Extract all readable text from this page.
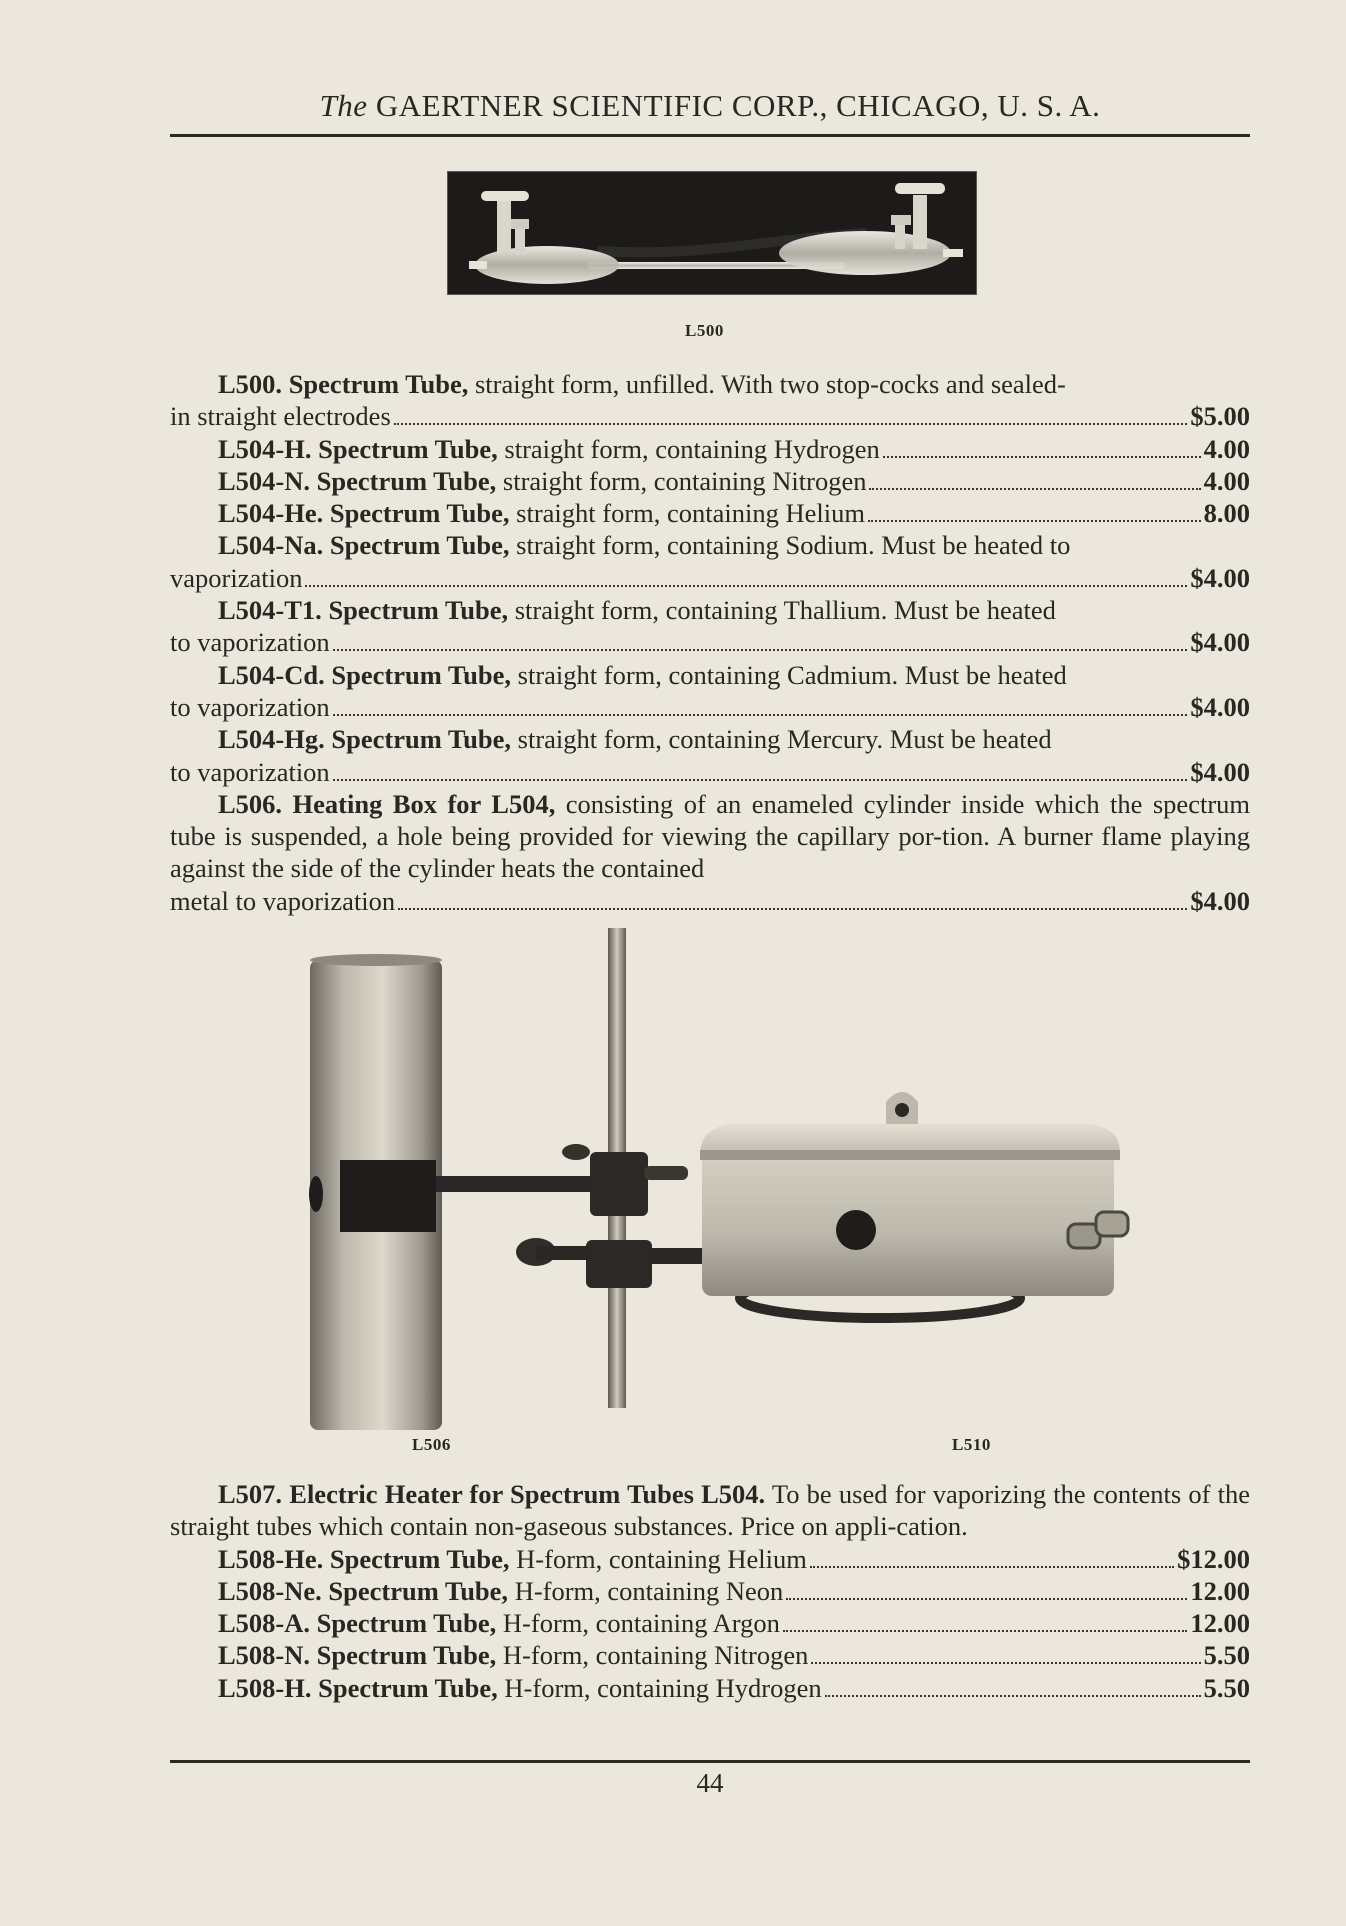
The GAERTNER SCIENTIFIC CORP., CHICAGO, U. S. A.
L500
L500. Spectrum Tube, straight form, unfilled. With two stop-cocks and sealed-
in straight electrodes	$5.00
L504-H. Spectrum Tube, straight form, containing Hydrogen	4.00
L504-N. Spectrum Tube, straight form, containing Nitrogen	4.00
L504-He. Spectrum Tube, straight form, containing Helium	8.00
L504-Na. Spectrum Tube, straight form, containing Sodium. Must be heated to
vaporization	$4.00
L504-T1. Spectrum Tube, straight form, containing Thallium. Must be heated
to vaporization	$4.00
L504-Cd. Spectrum Tube, straight form, containing Cadmium. Must be heated
to vaporization	$4.00
L504-Hg. Spectrum Tube, straight form, containing Mercury. Must be heated
to vaporization	$4.00
L506. Heating Box for L504, consisting of an enameled cylinder inside which the spectrum tube is suspended, a hole being provided for viewing the capillary por-tion. A burner flame playing against the side of the cylinder heats the contained
metal to vaporization	$4.00
L506	L510
L507. Electric Heater for Spectrum Tubes L504. To be used for vaporizing the contents of the straight tubes which contain non-gaseous substances. Price on appli-cation.
L508-He. Spectrum Tube, H-form, containing Helium	$12.00
L508-Ne. Spectrum Tube, H-form, containing Neon	12.00
L508-A. Spectrum Tube, H-form, containing Argon	12.00
L508-N. Spectrum Tube, H-form, containing Nitrogen	5.50
L508-H. Spectrum Tube, H-form, containing Hydrogen	5.50
44
